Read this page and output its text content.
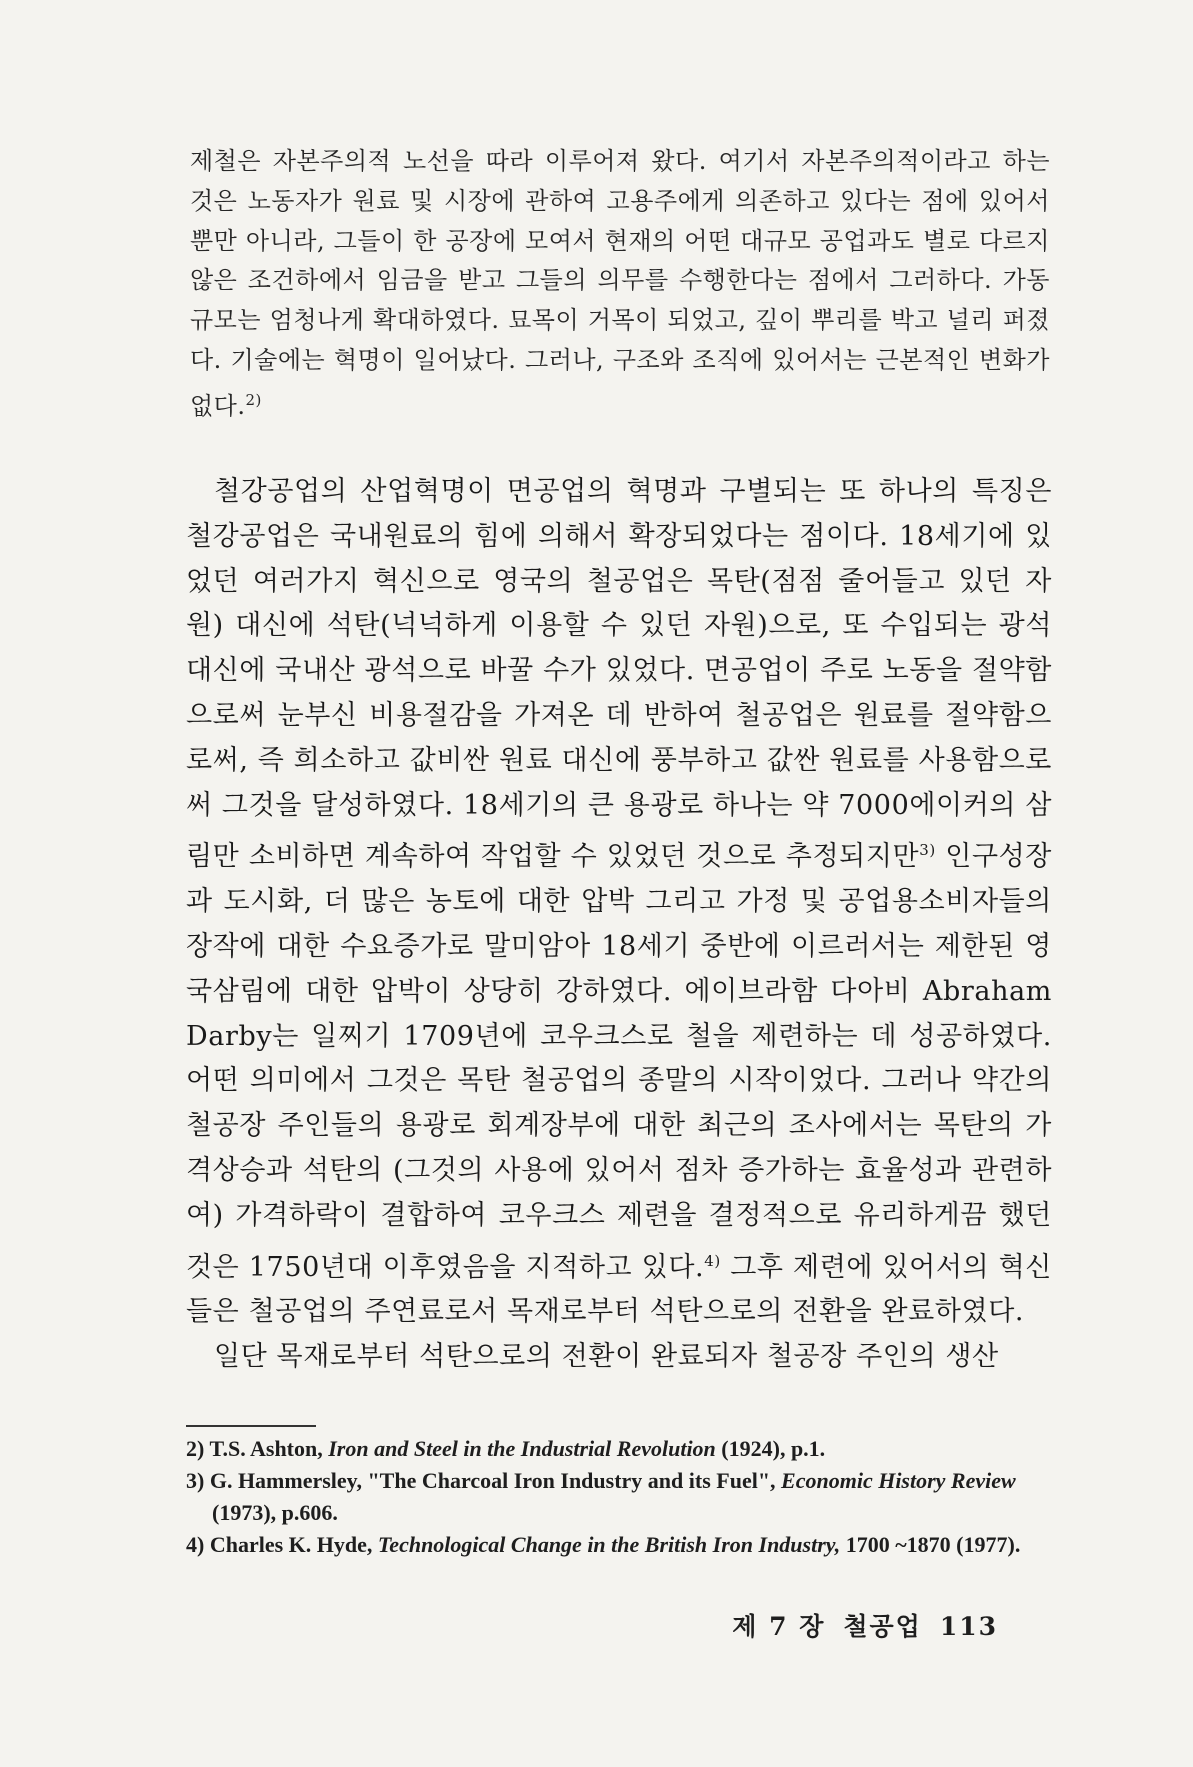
제철은 자본주의적 노선을 따라 이루어져 왔다. 여기서 자본주의적이라고 하는 것은 노동자가 원료 및 시장에 관하여 고용주에게 의존하고 있다는 점에 있어서뿐만 아니라, 그들이 한 공장에 모여서 현재의 어떤 대규모 공업과도 별로 다르지 않은 조건하에서 임금을 받고 그들의 의무를 수행한다는 점에서 그러하다. 가동규모는 엄청나게 확대하였다. 묘목이 거목이 되었고, 깊이 뿌리를 박고 널리 퍼졌다. 기술에는 혁명이 일어났다. 그러나, 구조와 조직에 있어서는 근본적인 변화가 없다.$^{2)}$

철강공업의 산업혁명이 면공업의 혁명과 구별되는 또 하나의 특징은 철강공업은 국내원료의 힘에 의해서 확장되었다는 점이다. 18세기에 있었던 여러가지 혁신으로 영국의 철공업은 목탄(점점 줄어들고 있던 자원) 대신에 석탄(넉넉하게 이용할 수 있던 자원)으로, 또 수입되는 광석 대신에 국내산 광석으로 바꿀 수가 있었다. 면공업이 주로 노동을 절약함으로써 눈부신 비용절감을 가져온 데 반하여 철공업은 원료를 절약함으로써, 즉 희소하고 값비싼 원료 대신에 풍부하고 값싼 원료를 사용함으로써 그것을 달성하였다. 18세기의 큰 용광로 하나는 약 7000에이커의 삼림만 소비하면 계속하여 작업할 수 있었던 것으로 추정되지만$^{3)}$ 인구성장과 도시화, 더 많은 농토에 대한 압박 그리고 가정 및 공업용소비자들의 장작에 대한 수요증가로 말미암아 18세기 중반에 이르러서는 제한된 영국삼림에 대한 압박이 상당히 강하였다. 에이브라함 다아비 Abraham Darby는 일찌기 1709년에 코우크스로 철을 제련하는 데 성공하였다. 어떤 의미에서 그것은 목탄 철공업의 종말의 시작이었다. 그러나 약간의 철공장 주인들의 용광로 회계장부에 대한 최근의 조사에서는 목탄의 가격상승과 석탄의 (그것의 사용에 있어서 점차 증가하는 효율성과 관련하여) 가격하락이 결합하여 코우크스 제련을 결정적으로 유리하게끔 했던 것은 1750년대 이후였음을 지적하고 있다.$^{4)}$ 그후 제련에 있어서의 혁신들은 철공업의 주연료로서 목재로부터 석탄으로의 전환을 완료하였다.

일단 목재로부터 석탄으로의 전환이 완료되자 철공장 주인의 생산

2) T.S. Ashton, Iron and Steel in the Industrial Revolution (1924), p.1.
3) G. Hammersley, "The Charcoal Iron Industry and its Fuel", Economic History Review (1973), p.606.
4) Charles K. Hyde, Technological Change in the British Iron Industry, 1700 ~1870 (1977).
제 7 장 철공업 113
